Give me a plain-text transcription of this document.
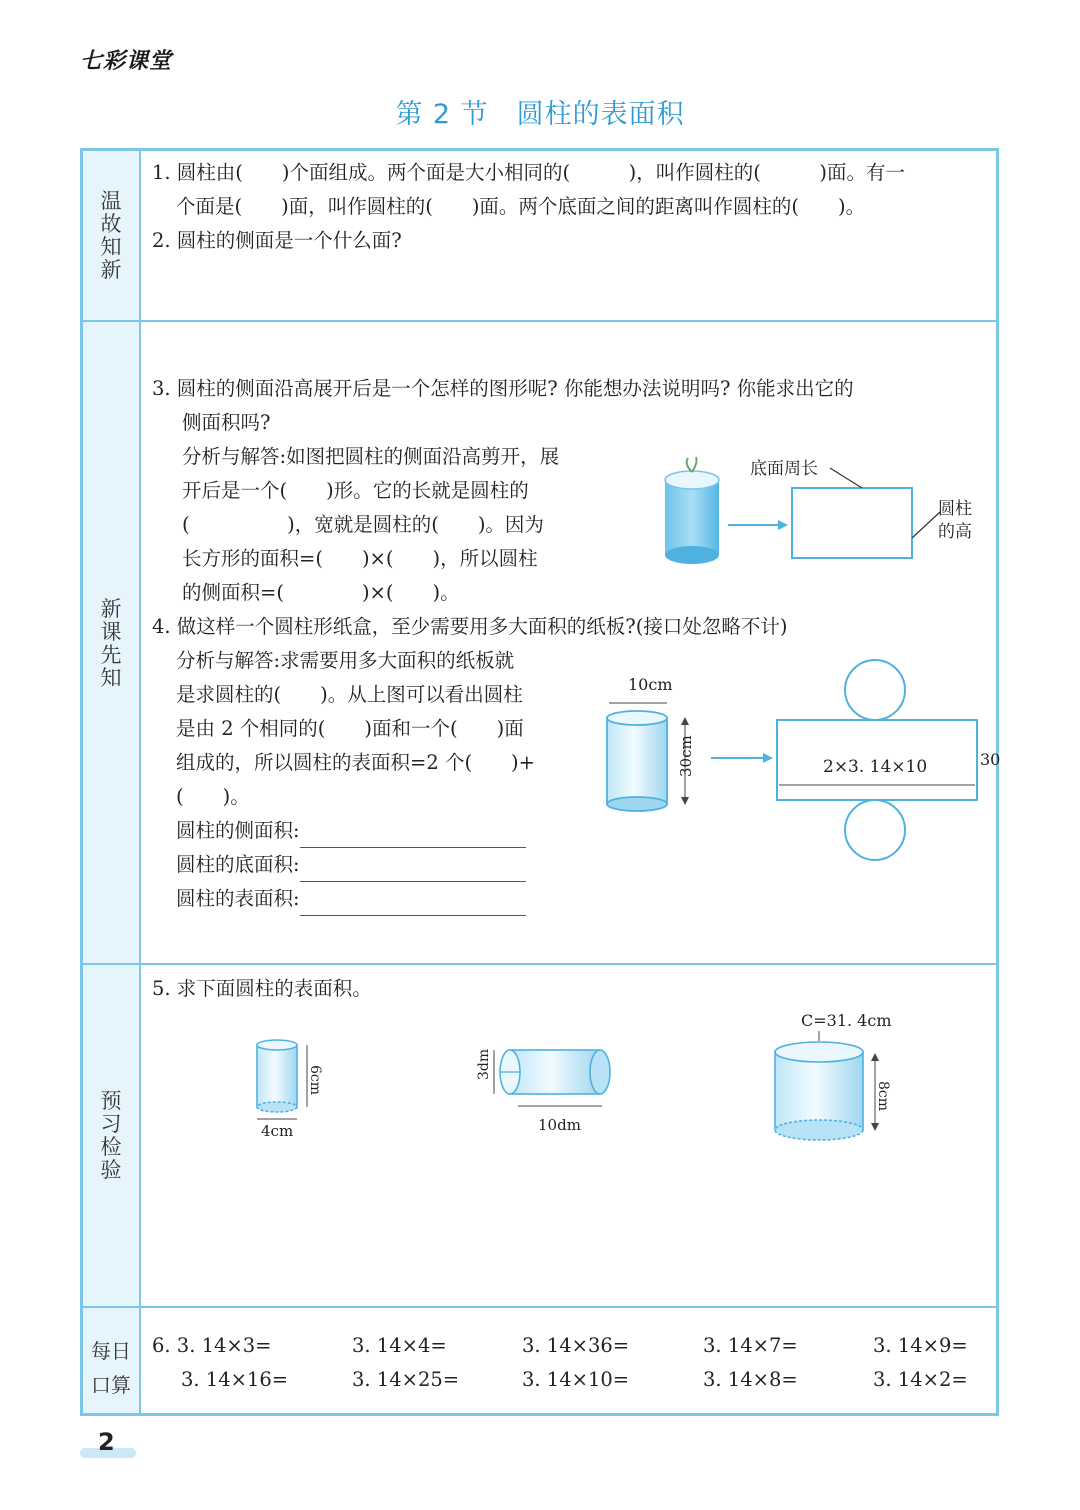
七彩课堂
第 2 节　圆柱的表面积
温
故
知
新
新
课
先
知
预
习
检
验
每日
口算
1. 圆柱由(　　)个面组成。两个面是大小相同的(　　　)，叫作圆柱的(　　　)面。有一
个面是(　　)面，叫作圆柱的(　　)面。两个底面之间的距离叫作圆柱的(　　)。
2. 圆柱的侧面是一个什么面?
3. 圆柱的侧面沿高展开后是一个怎样的图形呢? 你能想办法说明吗? 你能求出它的
侧面积吗?
分析与解答:如图把圆柱的侧面沿高剪开，展
开后是一个(　　)形。它的长就是圆柱的
(　　　　　)，宽就是圆柱的(　　)。因为
长方形的面积=(　　)×(　　)，所以圆柱
的侧面积=(　　　　)×(　　)。
底面周长
圆柱
的高
4. 做这样一个圆柱形纸盒，至少需要用多大面积的纸板?(接口处忽略不计)
分析与解答:求需要用多大面积的纸板就
是求圆柱的(　　)。从上图可以看出圆柱
是由 2 个相同的(　　)面和一个(　　)面
组成的，所以圆柱的表面积=2 个(　　)+
(　　)。
圆柱的侧面积:
圆柱的底面积:
圆柱的表面积:
10cm
30cm	2×3. 14×10	30
5. 求下面圆柱的表面积。
6cm
4cm
3dm
10dm
C=31. 4cm
8cm
6. 3. 14×3=	3. 14×4=	3. 14×36=	3. 14×7=	3. 14×9=
3. 14×16=	3. 14×25=	3. 14×10=	3. 14×8=	3. 14×2=
2
